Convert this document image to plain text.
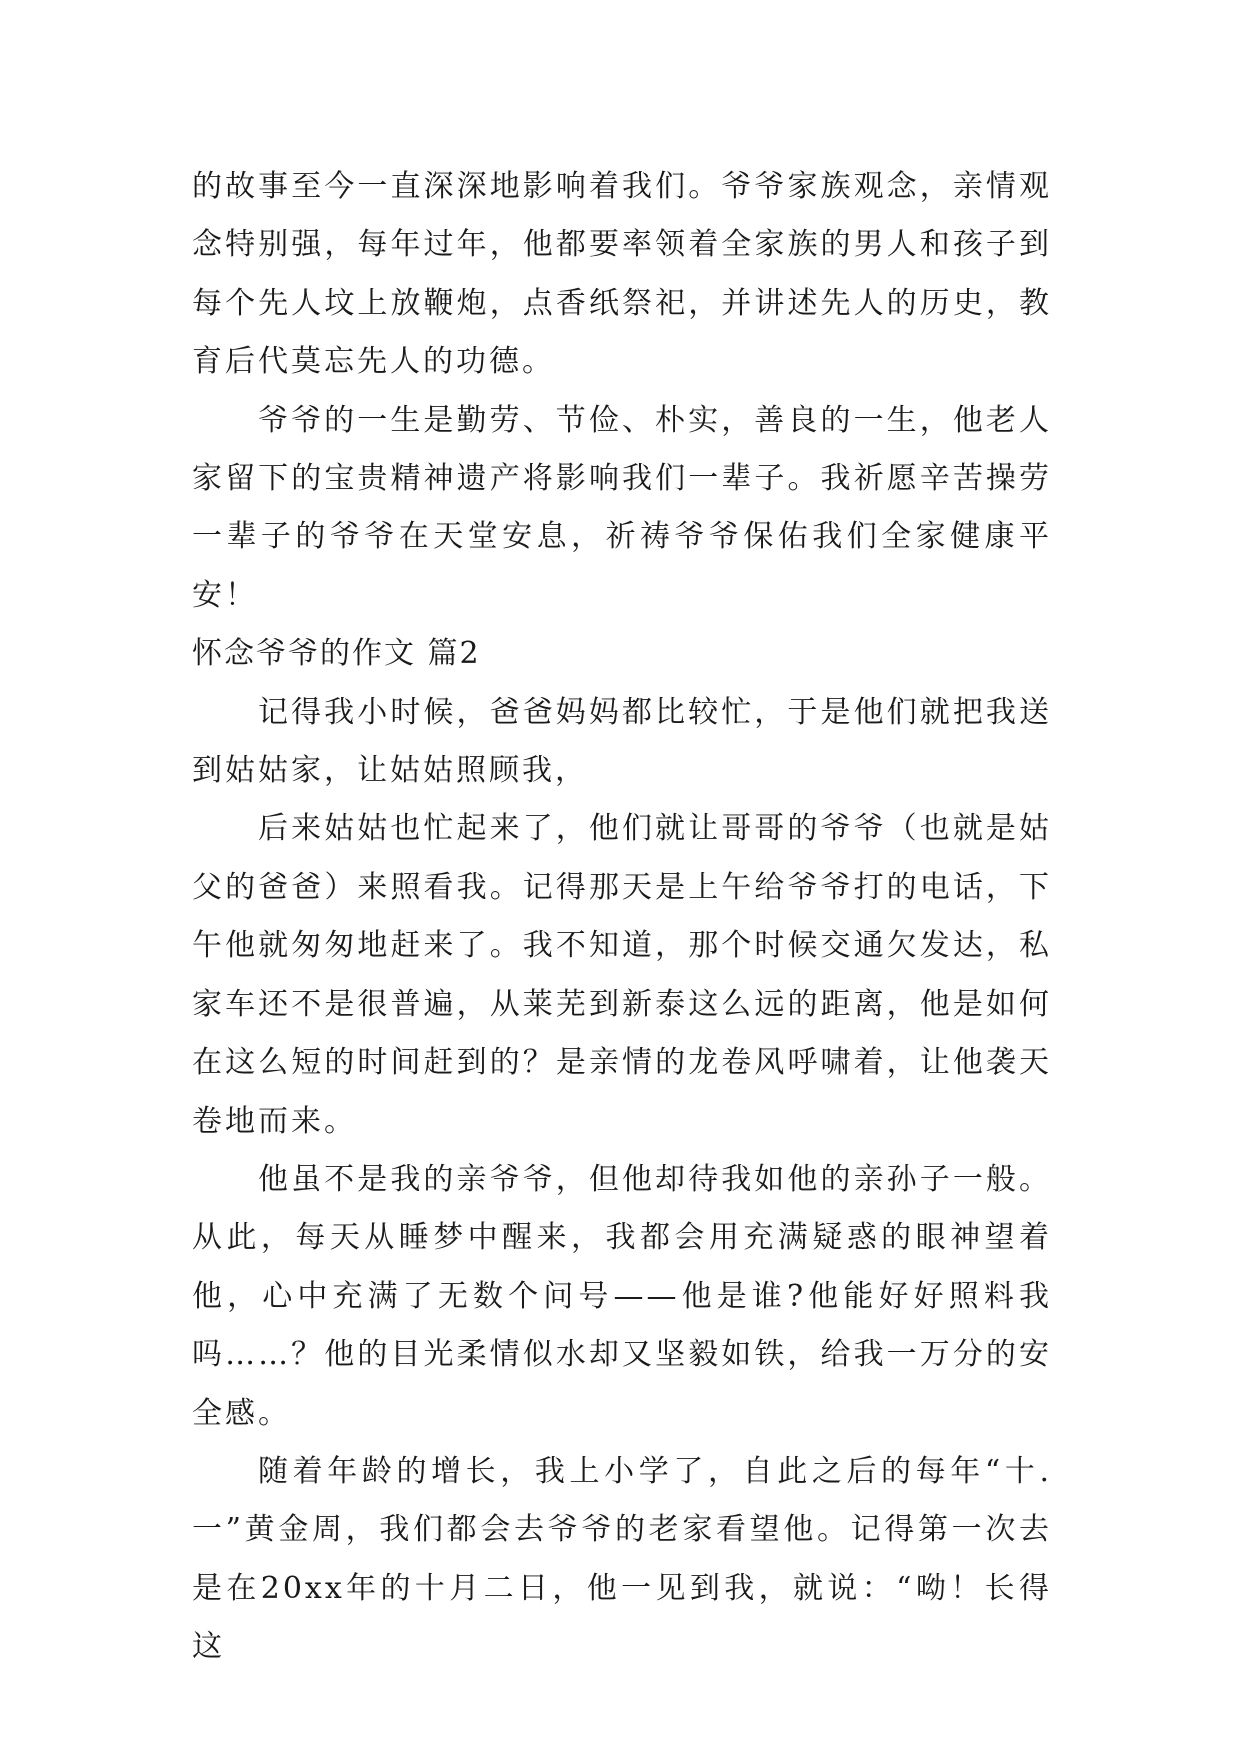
的故事至今一直深深地影响着我们。爷爷家族观念，亲情观念特别强，每年过年，他都要率领着全家族的男人和孩子到每个先人坟上放鞭炮，点香纸祭祀，并讲述先人的历史，教育后代莫忘先人的功德。

爷爷的一生是勤劳、节俭、朴实，善良的一生，他老人家留下的宝贵精神遗产将影响我们一辈子。我祈愿辛苦操劳一辈子的爷爷在天堂安息，祈祷爷爷保佑我们全家健康平安！

怀念爷爷的作文 篇2

记得我小时候，爸爸妈妈都比较忙，于是他们就把我送到姑姑家，让姑姑照顾我，

后来姑姑也忙起来了，他们就让哥哥的爷爷（也就是姑父的爸爸）来照看我。记得那天是上午给爷爷打的电话，下午他就匆匆地赶来了。我不知道，那个时候交通欠发达，私家车还不是很普遍，从莱芜到新泰这么远的距离，他是如何在这么短的时间赶到的？是亲情的龙卷风呼啸着，让他袭天卷地而来。

他虽不是我的亲爷爷，但他却待我如他的亲孙子一般。从此，每天从睡梦中醒来，我都会用充满疑惑的眼神望着他，心中充满了无数个问号——他是谁?他能好好照料我吗……？他的目光柔情似水却又坚毅如铁，给我一万分的安全感。

随着年龄的增长，我上小学了，自此之后的每年“十.一”黄金周，我们都会去爷爷的老家看望他。记得第一次去是在20xx年的十月二日，他一见到我，就说：“呦！长得这
